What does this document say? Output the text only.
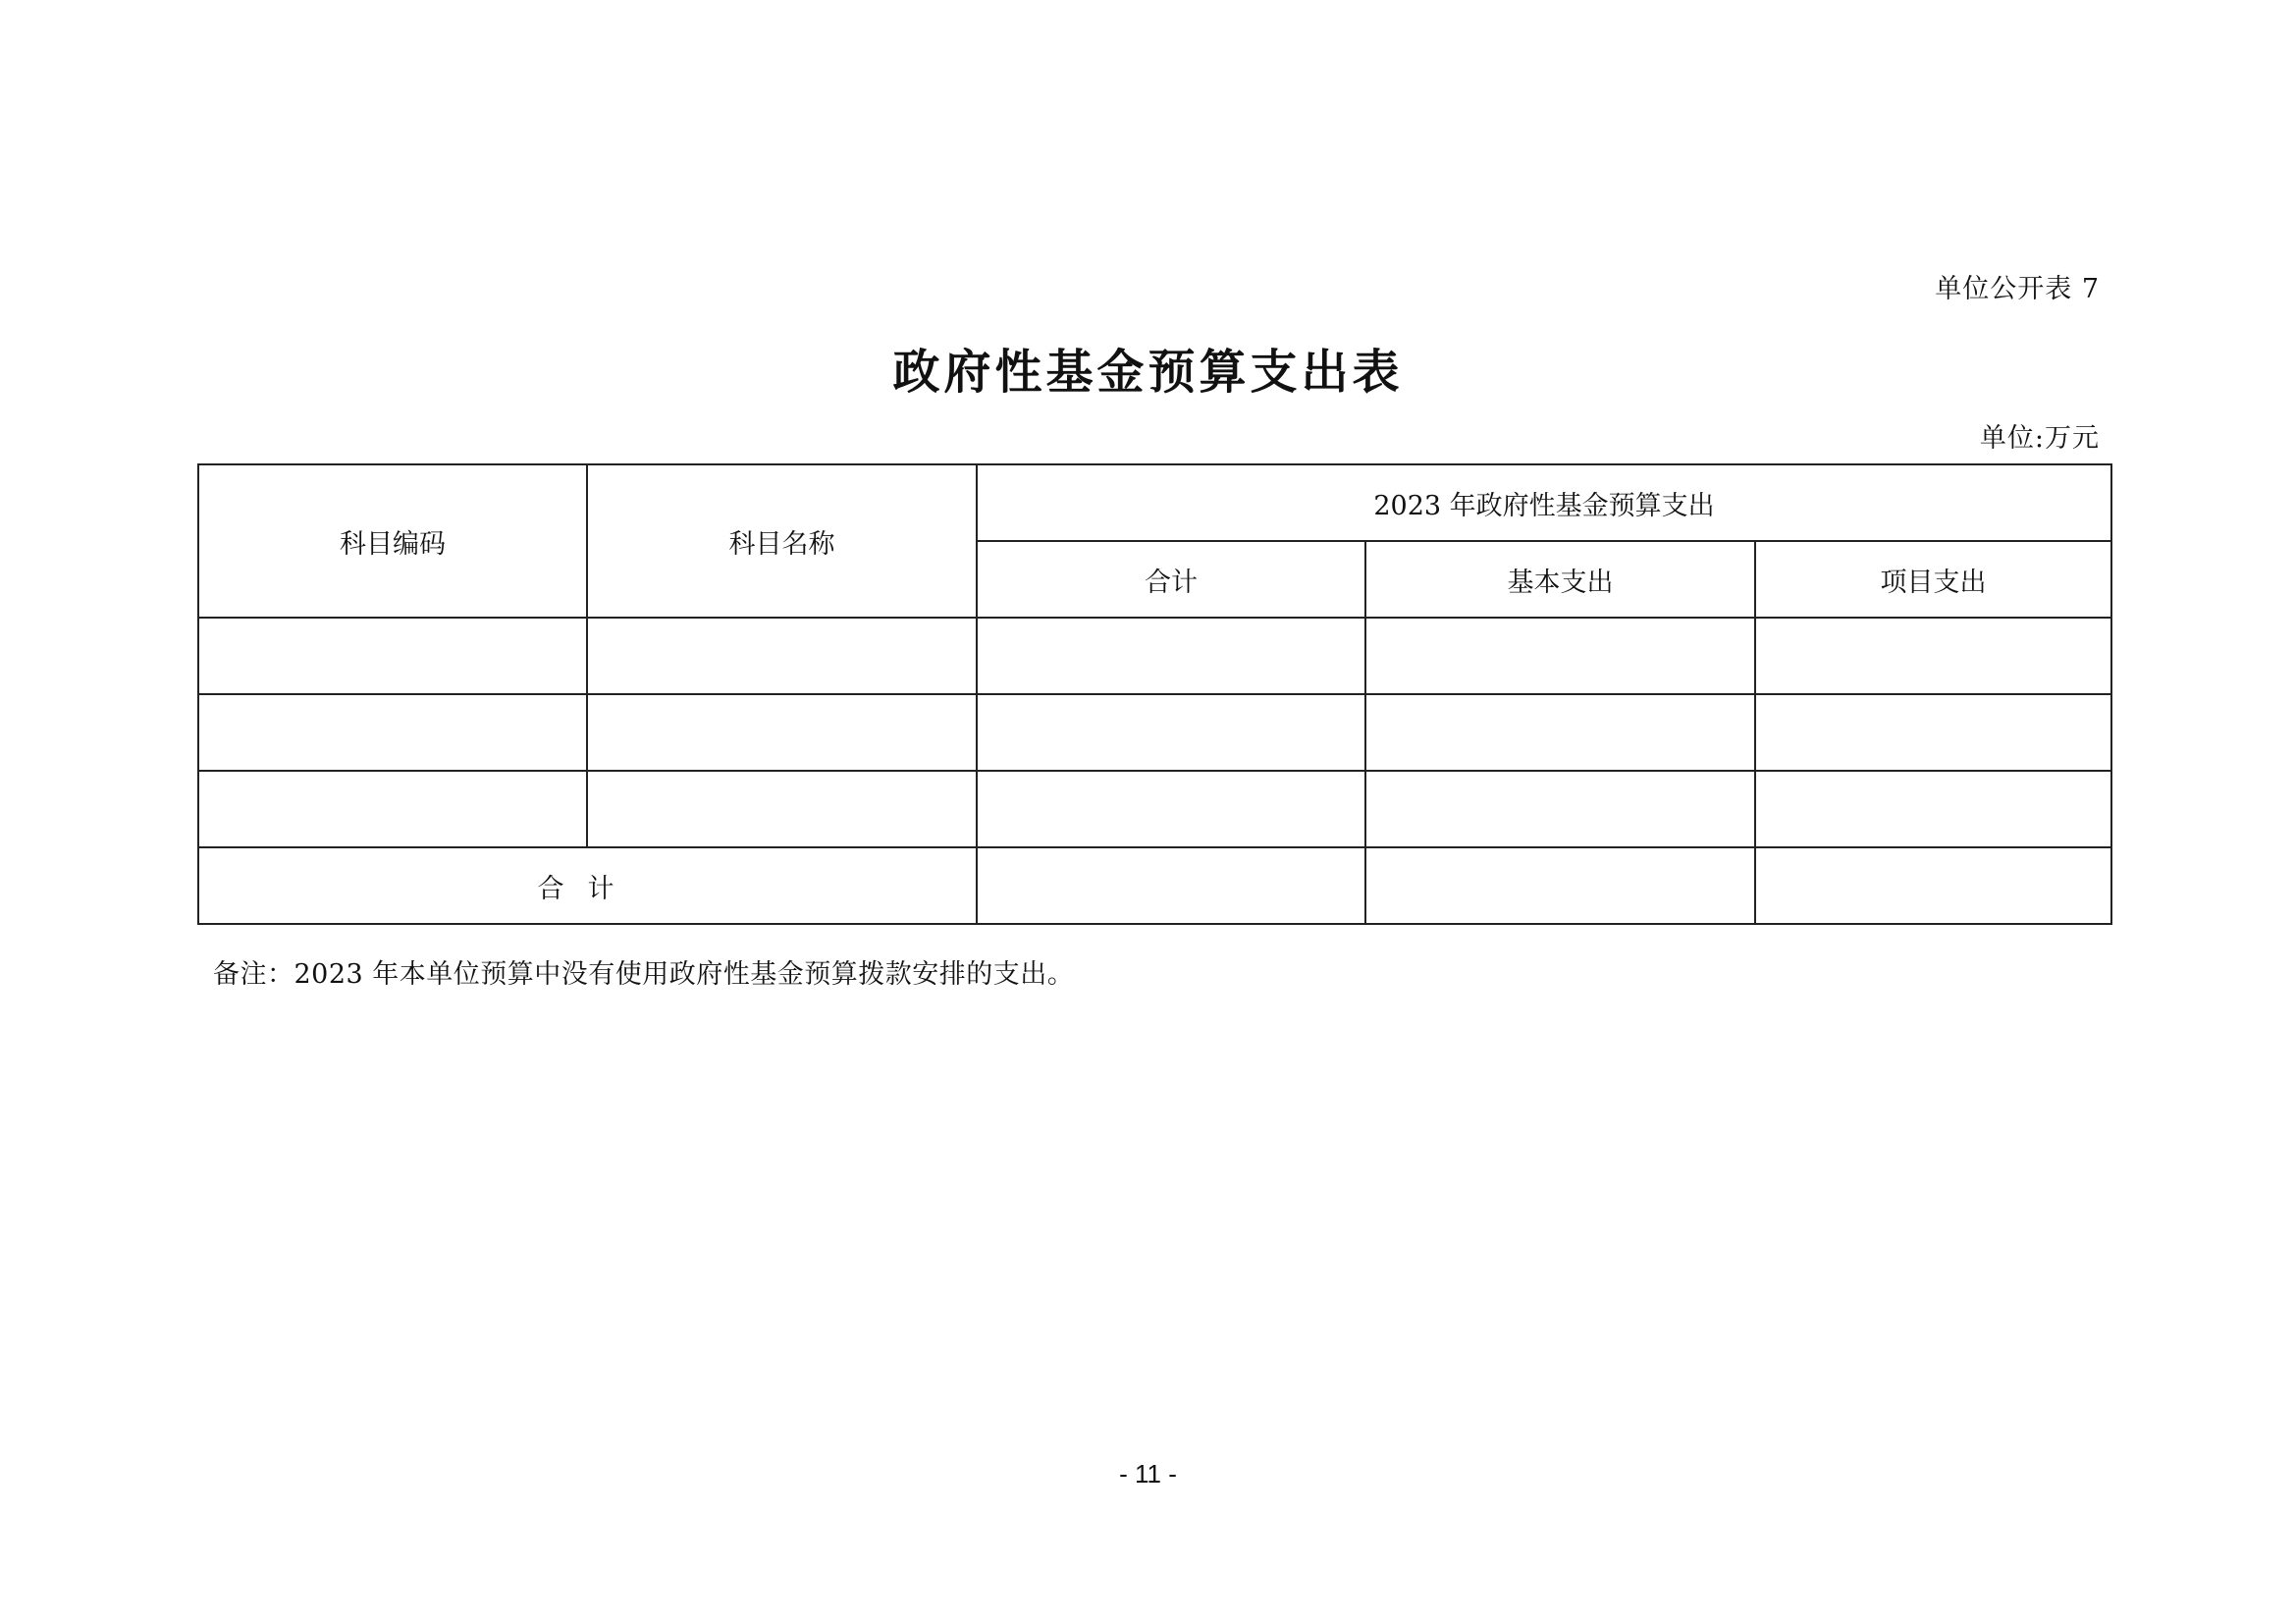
单位公开表 7
政府性基金预算支出表
单位:万元
科目编码	科目名称	2023 年政府性基金预算支出		
		合计	基本支出	项目支出

合计				
备注：2023 年本单位预算中没有使用政府性基金预算拨款安排的支出。
- 11 -
